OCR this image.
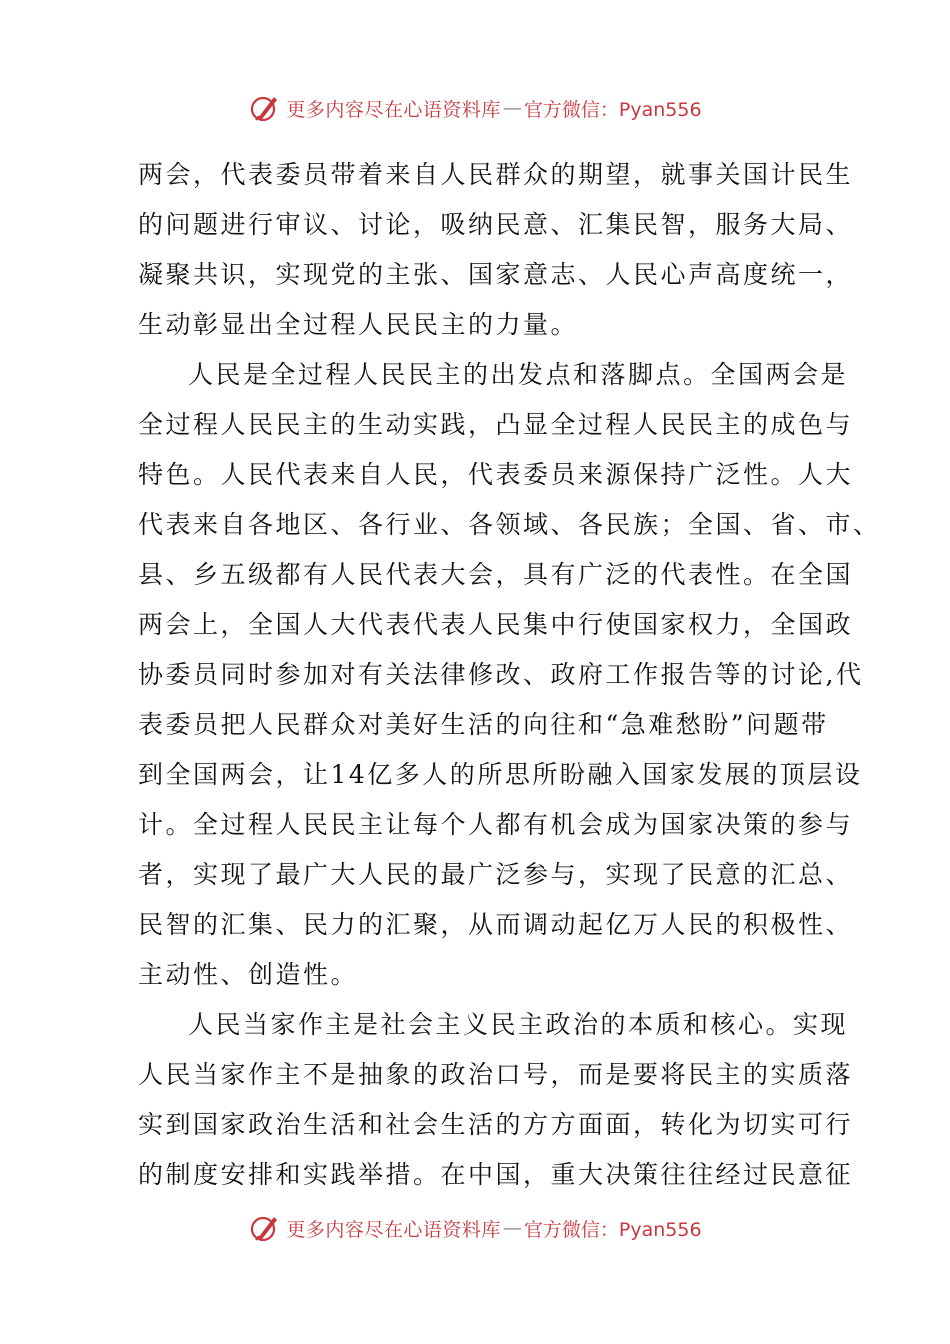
更多内容尽在心语资料库 — 官方微信：Pyan556
两会，代表委员带着来自人民群众的期望，就事关国计民生
的问题进行审议、讨论，吸纳民意、汇集民智，服务大局、
凝聚共识，实现党的主张、国家意志、人民心声高度统一，
生动彰显出全过程人民民主的力量。
人民是全过程人民民主的出发点和落脚点。全国两会是
全过程人民民主的生动实践，凸显全过程人民民主的成色与
特色。人民代表来自人民，代表委员来源保持广泛性。人大
代表来自各地区、各行业、各领域、各民族；全国、省、市、
县、乡五级都有人民代表大会，具有广泛的代表性。在全国
两会上，全国人大代表代表人民集中行使国家权力，全国政
协委员同时参加对有关法律修改、政府工作报告等的讨论,代
表委员把人民群众对美好生活的向往和“急难愁盼”问题带
到全国两会，让14亿多人的所思所盼融入国家发展的顶层设
计。全过程人民民主让每个人都有机会成为国家决策的参与
者，实现了最广大人民的最广泛参与，实现了民意的汇总、
民智的汇集、民力的汇聚，从而调动起亿万人民的积极性、
主动性、创造性。
人民当家作主是社会主义民主政治的本质和核心。实现
人民当家作主不是抽象的政治口号，而是要将民主的实质落
实到国家政治生活和社会生活的方方面面，转化为切实可行
的制度安排和实践举措。在中国，重大决策往往经过民意征
更多内容尽在心语资料库 — 官方微信：Pyan556
